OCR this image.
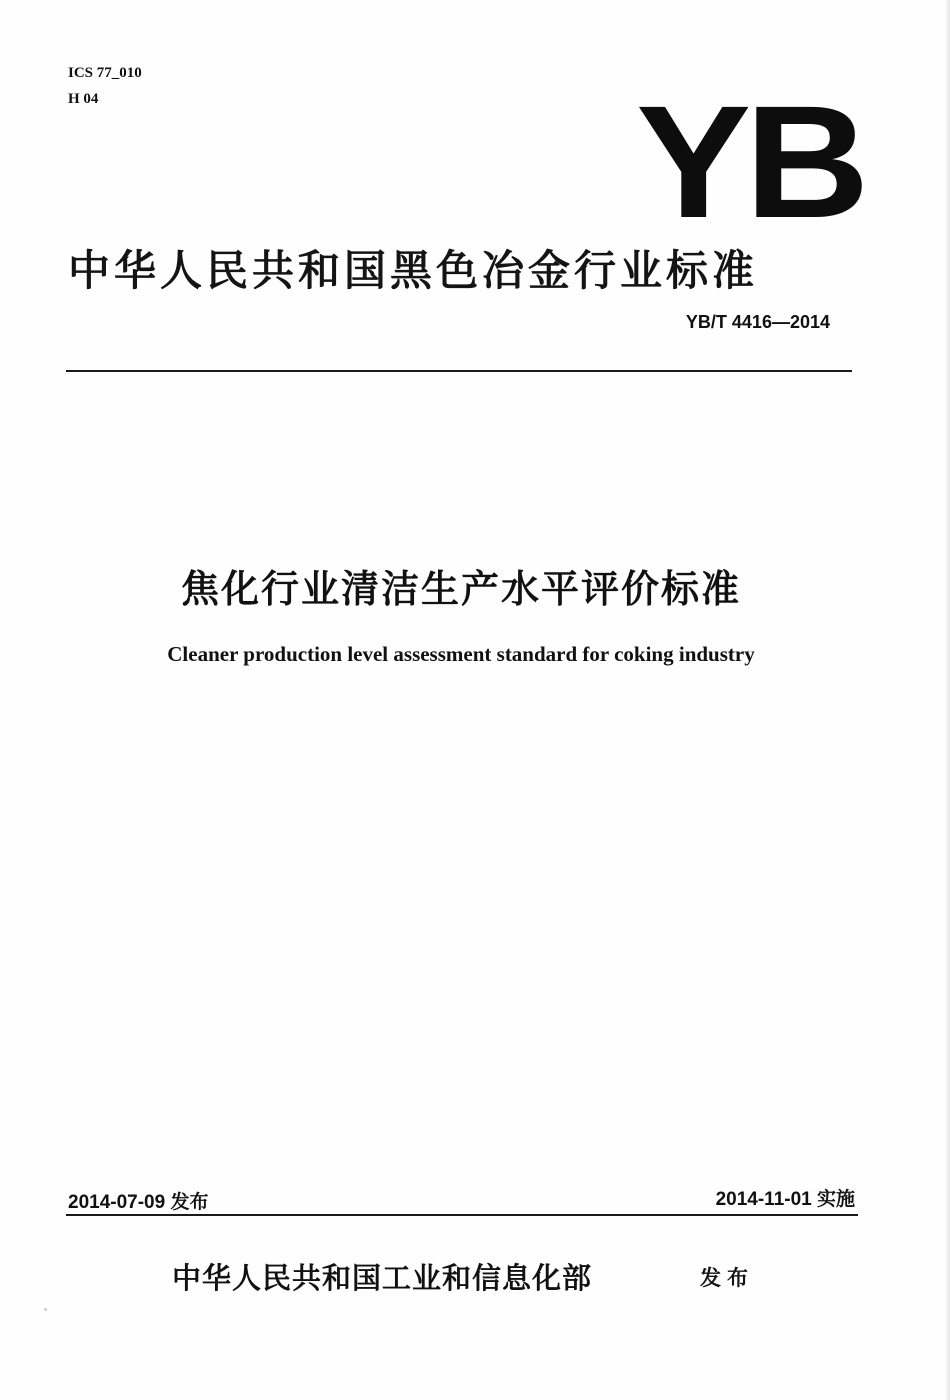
ICS 77_010
H 04	YB
中华人民共和国黑色冶金行业标准
YB/T 4416—2014
焦化行业清洁生产水平评价标准
Cleaner production level assessment standard for coking industry
2014-07-09 发布	2014-11-01 实施
中华人民共和国工业和信息化部	发布
